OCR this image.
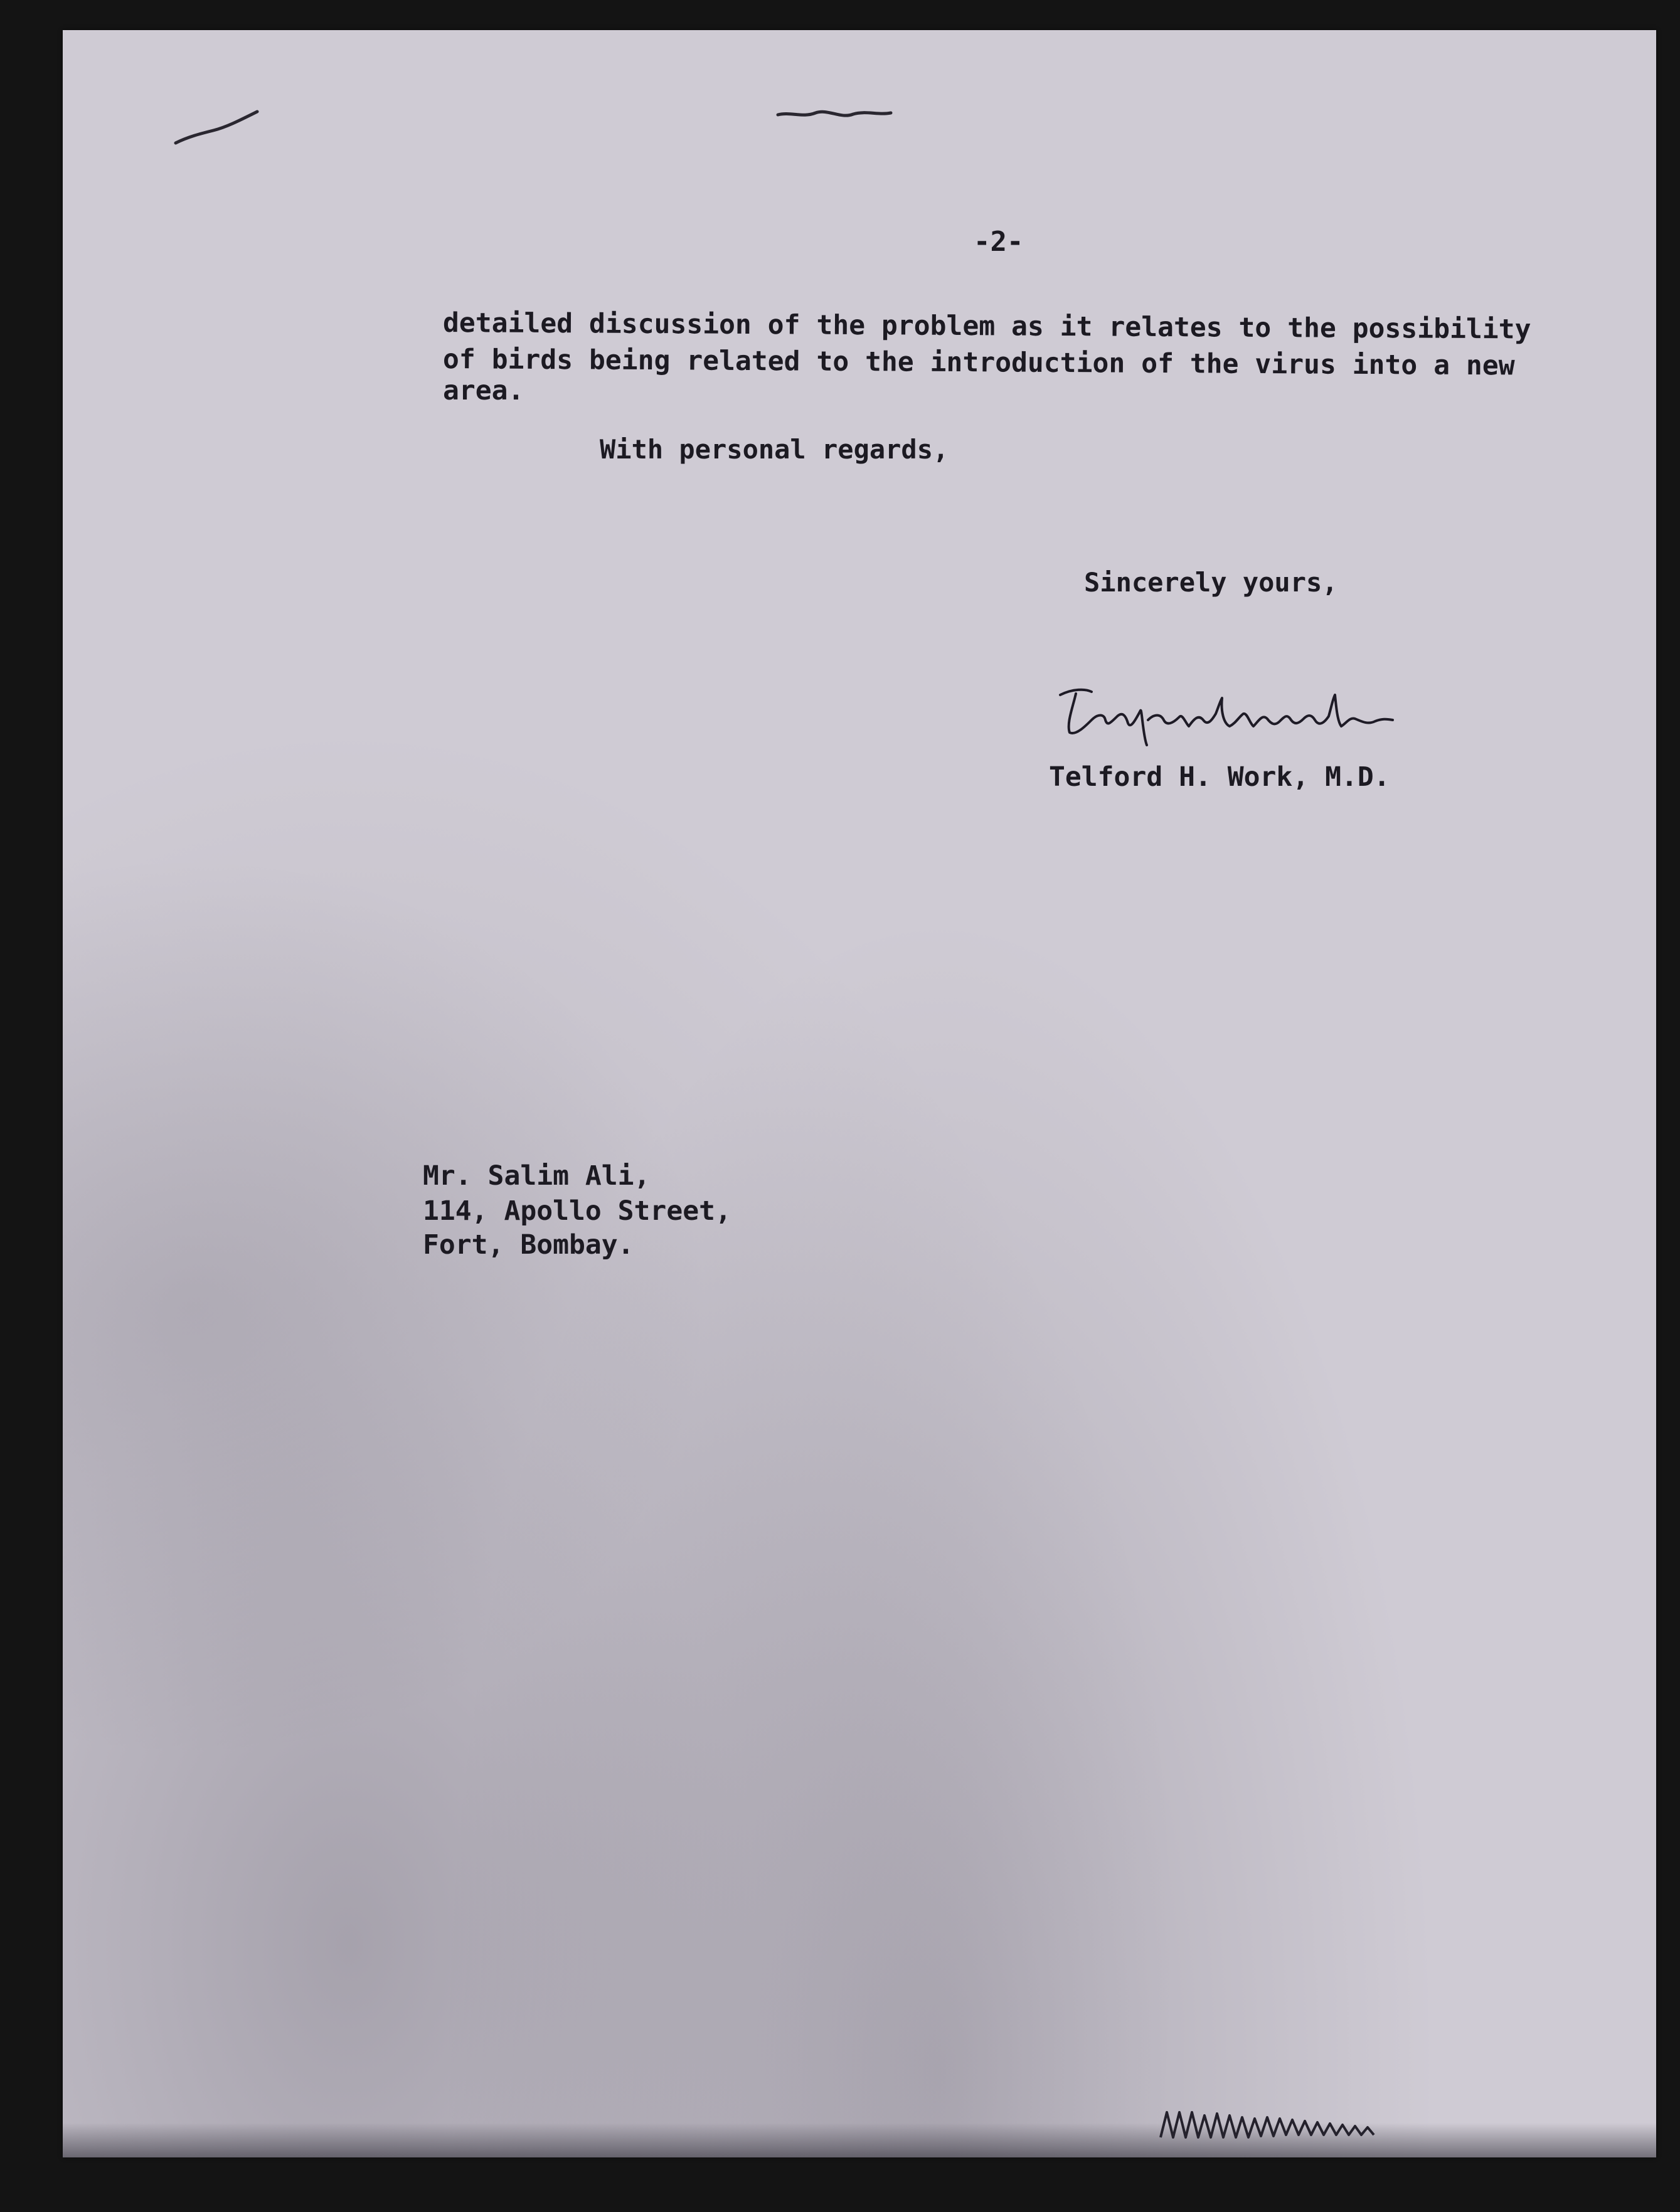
-2-
detailed discussion of the problem as it relates to the possibility
of birds being related to the introduction of the virus into a new
area.
With personal regards,
Sincerely yours,
Telford H. Work, M.D.
Mr. Salim Ali,
114, Apollo Street,
Fort, Bombay.
